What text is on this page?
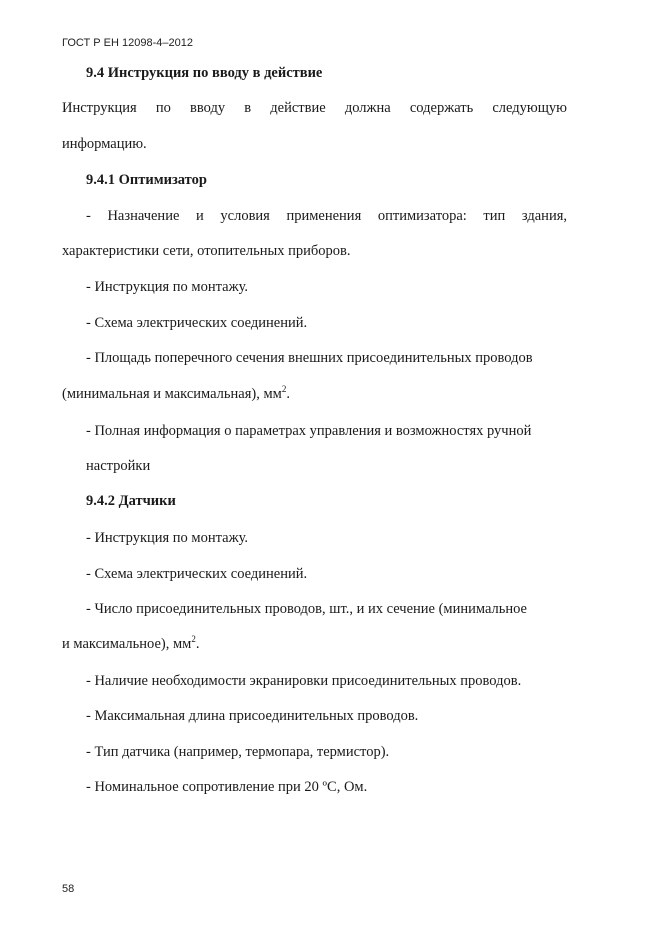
ГОСТ Р ЕН 12098-4–2012
9.4 Инструкция по вводу в действие
Инструкция по вводу в действие должна содержать следующую
информацию.
9.4.1 Оптимизатор
- Назначение и условия применения оптимизатора: тип здания,
характеристики сети, отопительных приборов.
- Инструкция по монтажу.
- Схема электрических соединений.
- Площадь поперечного сечения внешних присоединительных проводов
(минимальная и максимальная), $мм^2$.
- Полная информация о параметрах управления и возможностях ручной
настройки
9.4.2 Датчики
- Инструкция по монтажу.
- Схема электрических соединений.
- Число присоединительных проводов, шт., и их сечение (минимальное
и максимальное), $мм^2$.
- Наличие необходимости экранировки присоединительных проводов.
- Максимальная длина присоединительных проводов.
- Тип датчика (например, термопара, термистор).
- Номинальное сопротивление при 20 ºС, Ом.
58
